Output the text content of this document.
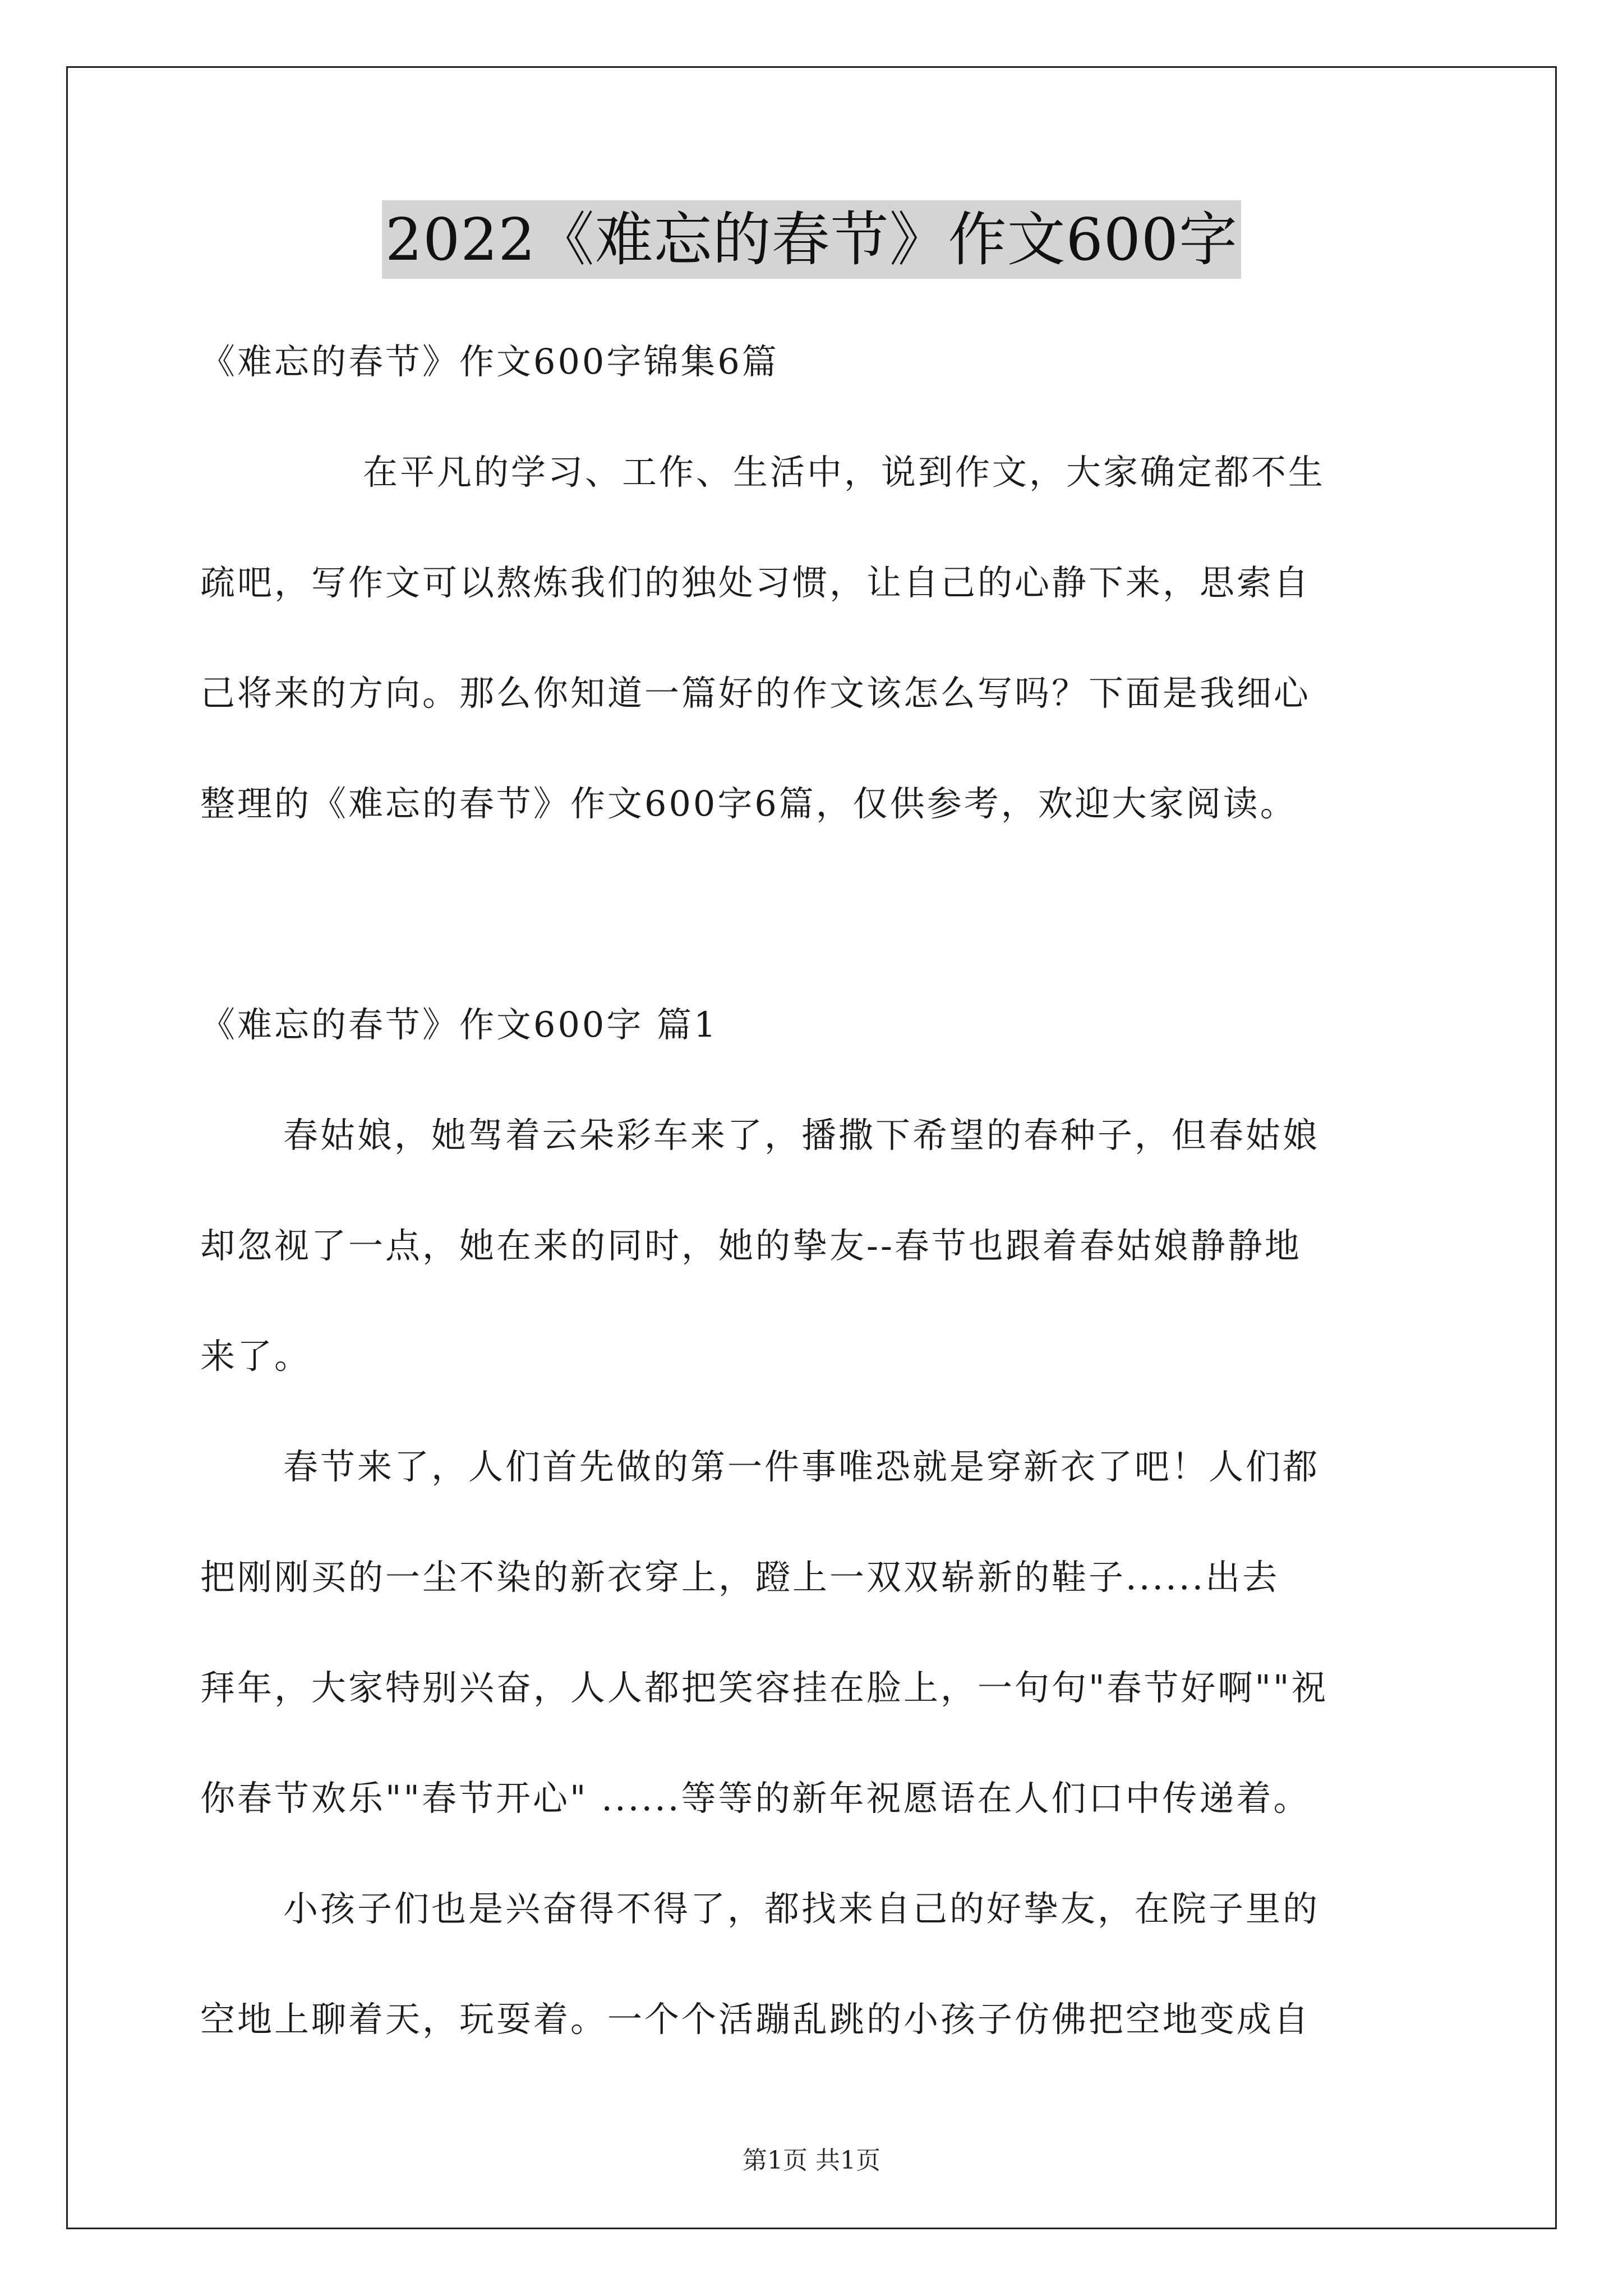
2022《难忘的春节》作文600字
《难忘的春节》作文600字锦集6篇
在平凡的学习、工作、生活中，说到作文，大家确定都不生
疏吧，写作文可以熬炼我们的独处习惯，让自己的心静下来，思索自
己将来的方向。那么你知道一篇好的作文该怎么写吗？下面是我细心
整理的《难忘的春节》作文600字6篇，仅供参考，欢迎大家阅读。
《难忘的春节》作文600字 篇1
春姑娘，她驾着云朵彩车来了，播撒下希望的春种子，但春姑娘
却忽视了一点，她在来的同时，她的挚友--春节也跟着春姑娘静静地
来了。
春节来了，人们首先做的第一件事唯恐就是穿新衣了吧！人们都
把刚刚买的一尘不染的新衣穿上，蹬上一双双崭新的鞋子......出去
拜年，大家特别兴奋，人人都把笑容挂在脸上，一句句"春节好啊""祝
你春节欢乐""春节开心" ......等等的新年祝愿语在人们口中传递着。
小孩子们也是兴奋得不得了，都找来自己的好挚友，在院子里的
空地上聊着天，玩耍着。一个个活蹦乱跳的小孩子仿佛把空地变成自
第1页 共1页
